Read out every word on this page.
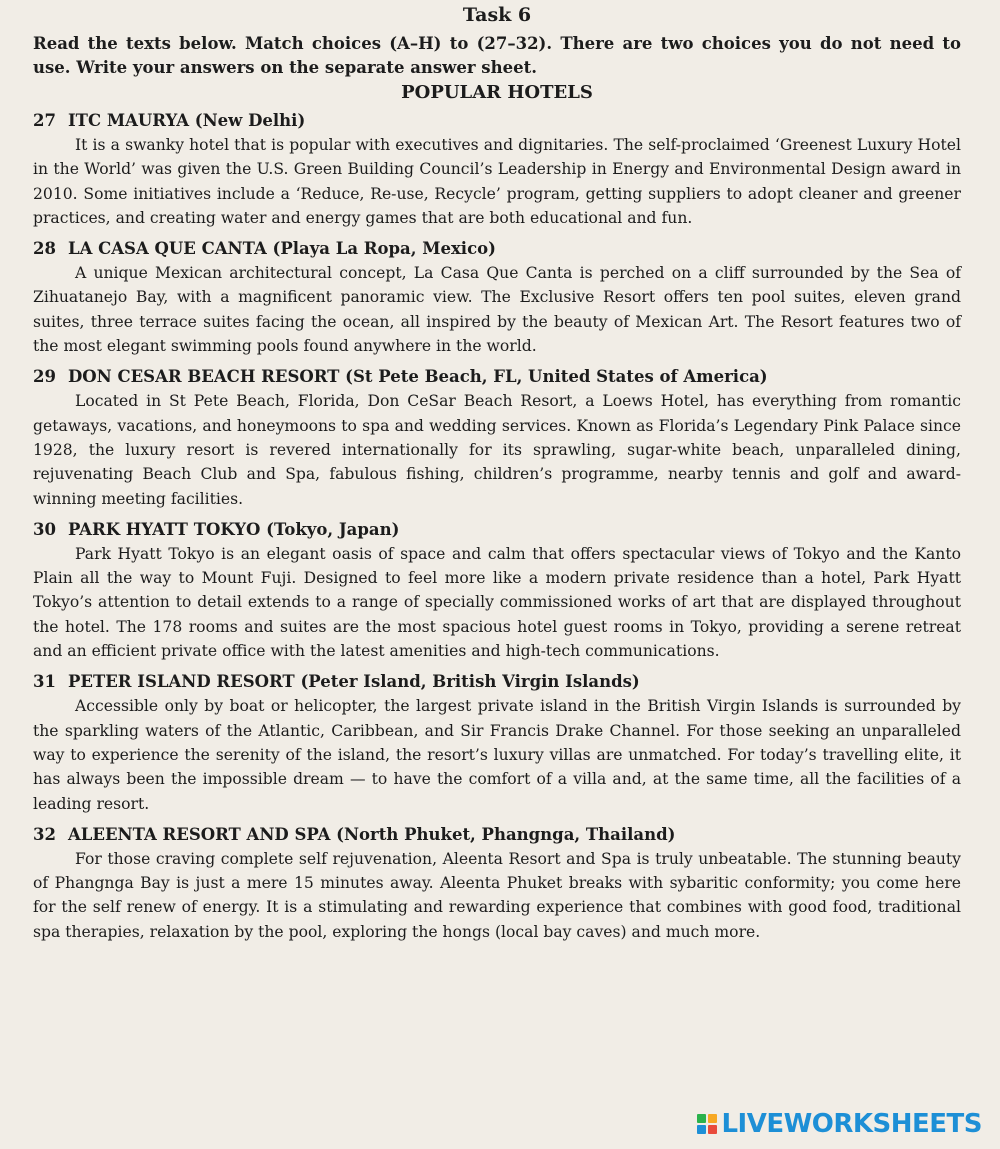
Task 6

Read the texts below. Match choices (A–H) to (27–32). There are two choices you do not need to use. Write your answers on the separate answer sheet.

POPULAR HOTELS

27 ITC MAURYA (New Delhi)

It is a swanky hotel that is popular with executives and dignitaries. The self-proclaimed ‘Greenest Luxury Hotel in the World’ was given the U.S. Green Building Council’s Leadership in Energy and Environmental Design award in 2010. Some initiatives include a ‘Reduce, Re-use, Recycle’ program, getting suppliers to adopt cleaner and greener practices, and creating water and energy games that are both educational and fun.

28 LA CASA QUE CANTA (Playa La Ropa, Mexico)

A unique Mexican architectural concept, La Casa Que Canta is perched on a cliff surrounded by the Sea of Zihuatanejo Bay, with a magnificent panoramic view. The Exclusive Resort offers ten pool suites, eleven grand suites, three terrace suites facing the ocean, all inspired by the beauty of Mexican Art. The Resort features two of the most elegant swimming pools found anywhere in the world.

29 DON CESAR BEACH RESORT (St Pete Beach, FL, United States of America)

Located in St Pete Beach, Florida, Don CeSar Beach Resort, a Loews Hotel, has everything from romantic getaways, vacations, and honeymoons to spa and wedding services. Known as Florida’s Legendary Pink Palace since 1928, the luxury resort is revered internationally for its sprawling, sugar-white beach, unparalleled dining, rejuvenating Beach Club and Spa, fabulous fishing, children’s programme, nearby tennis and golf and award-winning meeting facilities.

30 PARK HYATT TOKYO (Tokyo, Japan)

Park Hyatt Tokyo is an elegant oasis of space and calm that offers spectacular views of Tokyo and the Kanto Plain all the way to Mount Fuji. Designed to feel more like a modern private residence than a hotel, Park Hyatt Tokyo’s attention to detail extends to a range of specially commissioned works of art that are displayed throughout the hotel. The 178 rooms and suites are the most spacious hotel guest rooms in Tokyo, providing a serene retreat and an efficient private office with the latest amenities and high-tech communications.

31 PETER ISLAND RESORT (Peter Island, British Virgin Islands)

Accessible only by boat or helicopter, the largest private island in the British Virgin Islands is surrounded by the sparkling waters of the Atlantic, Caribbean, and Sir Francis Drake Channel. For those seeking an unparalleled way to experience the serenity of the island, the resort’s luxury villas are unmatched. For today’s travelling elite, it has always been the impossible dream — to have the comfort of a villa and, at the same time, all the facilities of a leading resort.

32 ALEENTA RESORT AND SPA (North Phuket, Phangnga, Thailand)

For those craving complete self rejuvenation, Aleenta Resort and Spa is truly unbeatable. The stunning beauty of Phangnga Bay is just a mere 15 minutes away. Aleenta Phuket breaks with sybaritic conformity; you come here for the self renew of energy. It is a stimulating and rewarding experience that combines with good food, traditional spa therapies, relaxation by the pool, exploring the hongs (local bay caves) and much more.

LIVEWORKSHEETS
